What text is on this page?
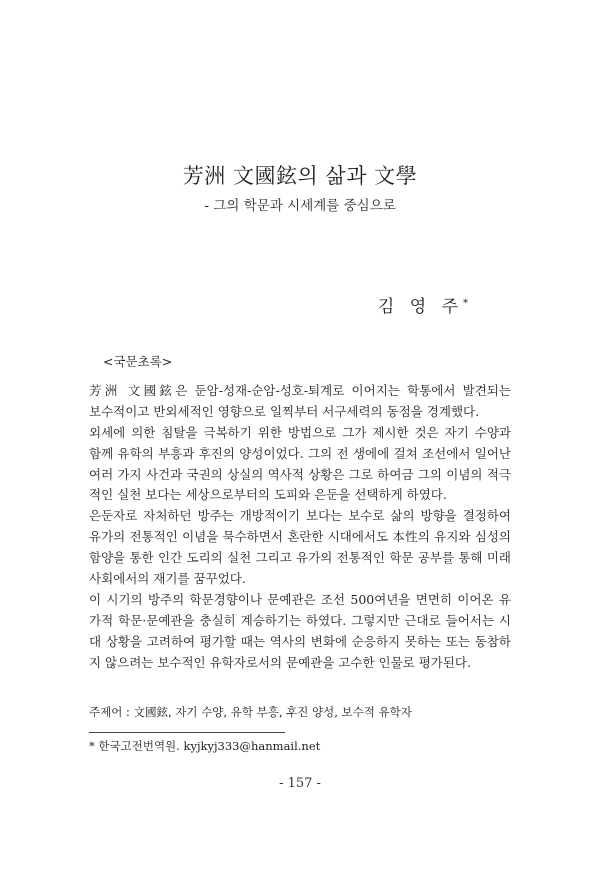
芳洲 文國鉉의 삶과 文學
- 그의 학문과 시세계를 중심으로
김 영 주*
<국문초록>
芳洲 文國鉉은 둔암-성재-순암-성호-퇴계로 이어지는 학통에서 발견되는
보수적이고 반외세적인 영향으로 일찍부터 서구세력의 동점을 경계했다.
외세에 의한 침탈을 극복하기 위한 방법으로 그가 제시한 것은 자기 수양과
함께 유학의 부흥과 후진의 양성이었다. 그의 전 생에에 걸쳐 조선에서 일어난
여러 가지 사건과 국권의 상실의 역사적 상황은 그로 하여금 그의 이념의 적극
적인 실천 보다는 세상으로부터의 도피와 은둔을 선택하게 하였다.
은둔자로 자처하던 방주는 개방적이기 보다는 보수로 삶의 방향을 결정하여
유가의 전통적인 이념을 묵수하면서 혼란한 시대에서도 本性의 유지와 심성의
함양을 통한 인간 도리의 실천 그리고 유가의 전통적인 학문 공부를 통해 미래
사회에서의 재기를 꿈꾸었다.
이 시기의 방주의 학문경향이나 문예관은 조선 500여년을 면면히 이어온 유
가적 학문·문예관을 충실히 계승하기는 하였다. 그렇지만 근대로 들어서는 시
대 상황을 고려하여 평가할 때는 역사의 변화에 순응하지 못하는 또는 동참하
지 않으려는 보수적인 유학자로서의 문예관을 고수한 인물로 평가된다.
주제어 : 文國鉉, 자기 수양, 유학 부흥, 후진 양성, 보수적 유학자
* 한국고전번역원. kyjkyj333@hanmail.net
- 157 -
